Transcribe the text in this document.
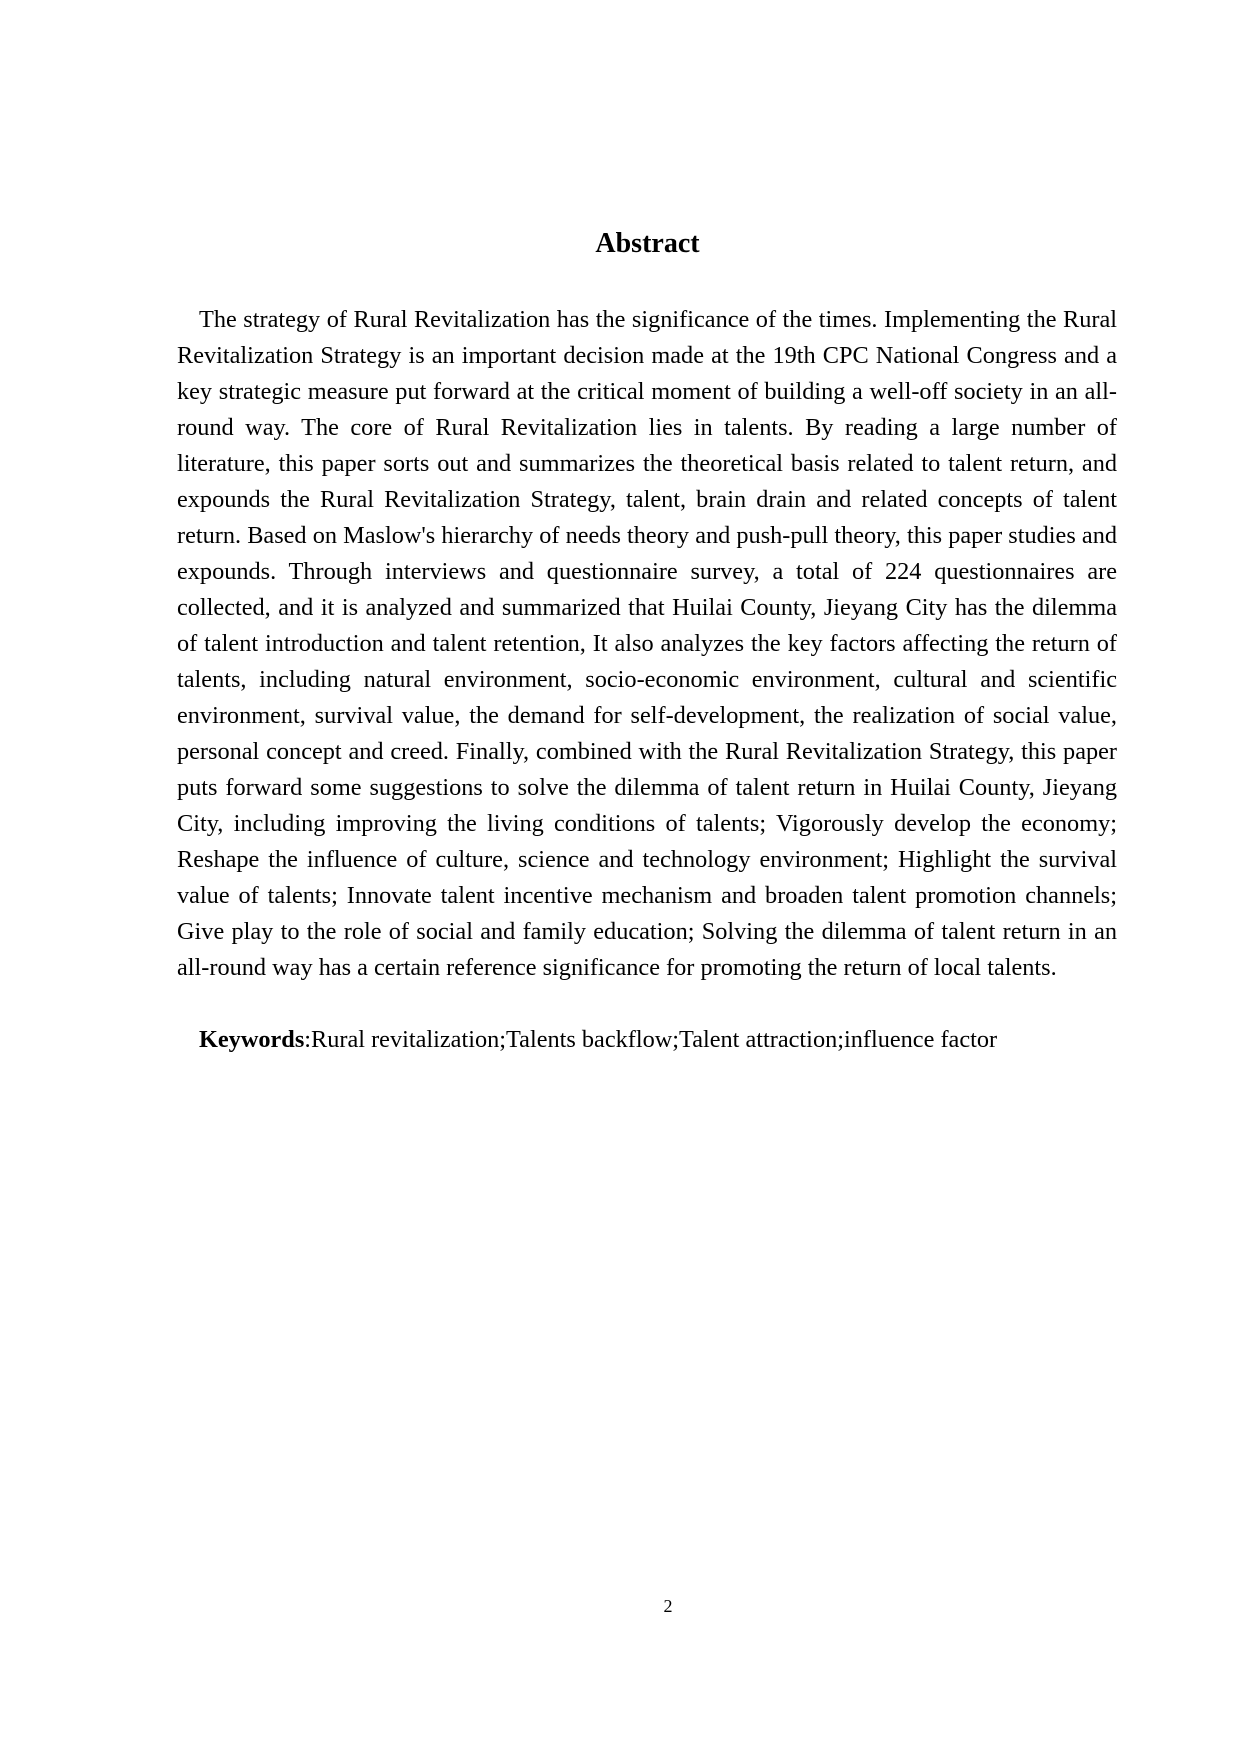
Abstract

The strategy of Rural Revitalization has the significance of the times. Implementing the Rural Revitalization Strategy is an important decision made at the 19th CPC National Congress and a key strategic measure put forward at the critical moment of building a well-off society in an all-round way. The core of Rural Revitalization lies in talents. By reading a large number of literature, this paper sorts out and summarizes the theoretical basis related to talent return, and expounds the Rural Revitalization Strategy, talent, brain drain and related concepts of talent return. Based on Maslow's hierarchy of needs theory and push-pull theory, this paper studies and expounds. Through interviews and questionnaire survey, a total of 224 questionnaires are collected, and it is analyzed and summarized that Huilai County, Jieyang City has the dilemma of talent introduction and talent retention, It also analyzes the key factors affecting the return of talents, including natural environment, socio-economic environment, cultural and scientific environment, survival value, the demand for self-development, the realization of social value, personal concept and creed. Finally, combined with the Rural Revitalization Strategy, this paper puts forward some suggestions to solve the dilemma of talent return in Huilai County, Jieyang City, including improving the living conditions of talents; Vigorously develop the economy; Reshape the influence of culture, science and technology environment; Highlight the survival value of talents; Innovate talent incentive mechanism and broaden talent promotion channels; Give play to the role of social and family education; Solving the dilemma of talent return in an all-round way has a certain reference significance for promoting the return of local talents.

Keywords:Rural revitalization;Talents backflow;Talent attraction;influence factor

2
